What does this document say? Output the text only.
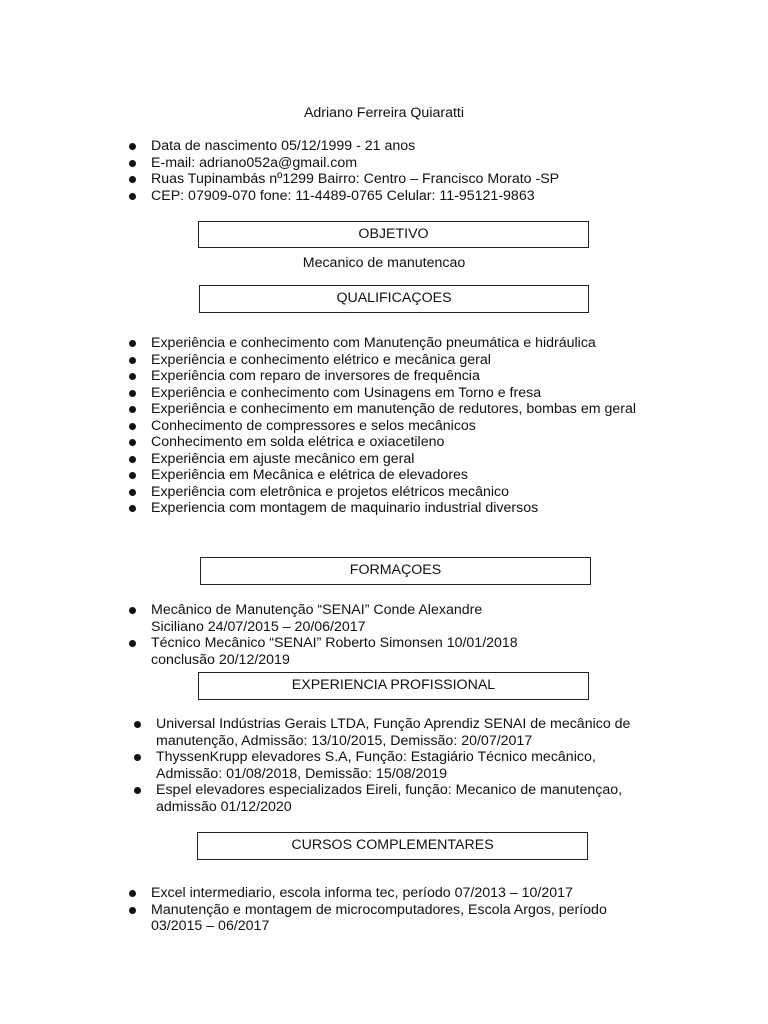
Adriano Ferreira Quiaratti
Data de nascimento 05/12/1999 - 21 anos
E-mail: adriano052a@gmail.com
Ruas Tupinambás nº1299 Bairro: Centro – Francisco Morato -SP
CEP: 07909-070 fone: 11-4489-0765 Celular: 11-95121-9863
OBJETIVO
Mecanico de manutencao
QUALIFICAÇOES
Experiência e conhecimento com Manutenção pneumática e hidráulica
Experiência e conhecimento elétrico e mecânica geral
Experiência com reparo de inversores de frequência
Experiência e conhecimento com Usinagens em Torno e fresa
Experiência e conhecimento em manutenção de redutores, bombas em geral
Conhecimento de compressores e selos mecânicos
Conhecimento em solda elétrica e oxiacetileno
Experiência em ajuste mecânico em geral
Experiência em Mecânica e elétrica de elevadores
Experiência com eletrônica e projetos elétricos mecânico
Experiencia com montagem de maquinario industrial diversos
FORMAÇOES
Mecânico de Manutenção “SENAI” Conde Alexandre Siciliano 24/07/2015 – 20/06/2017
Técnico Mecânico “SENAI” Roberto Simonsen 10/01/2018 conclusão 20/12/2019
EXPERIENCIA PROFISSIONAL
Universal Indústrias Gerais LTDA, Função Aprendiz SENAI de mecânico de manutenção, Admissão: 13/10/2015, Demissão: 20/07/2017
ThyssenKrupp elevadores S.A, Função: Estagiário Técnico mecânico, Admissão: 01/08/2018, Demissão: 15/08/2019
Espel elevadores especializados Eireli, função: Mecanico de manutençao, admissão 01/12/2020
CURSOS COMPLEMENTARES
Excel intermediario, escola informa tec, período 07/2013 – 10/2017
Manutenção e montagem de microcomputadores, Escola Argos, período 03/2015 – 06/2017
